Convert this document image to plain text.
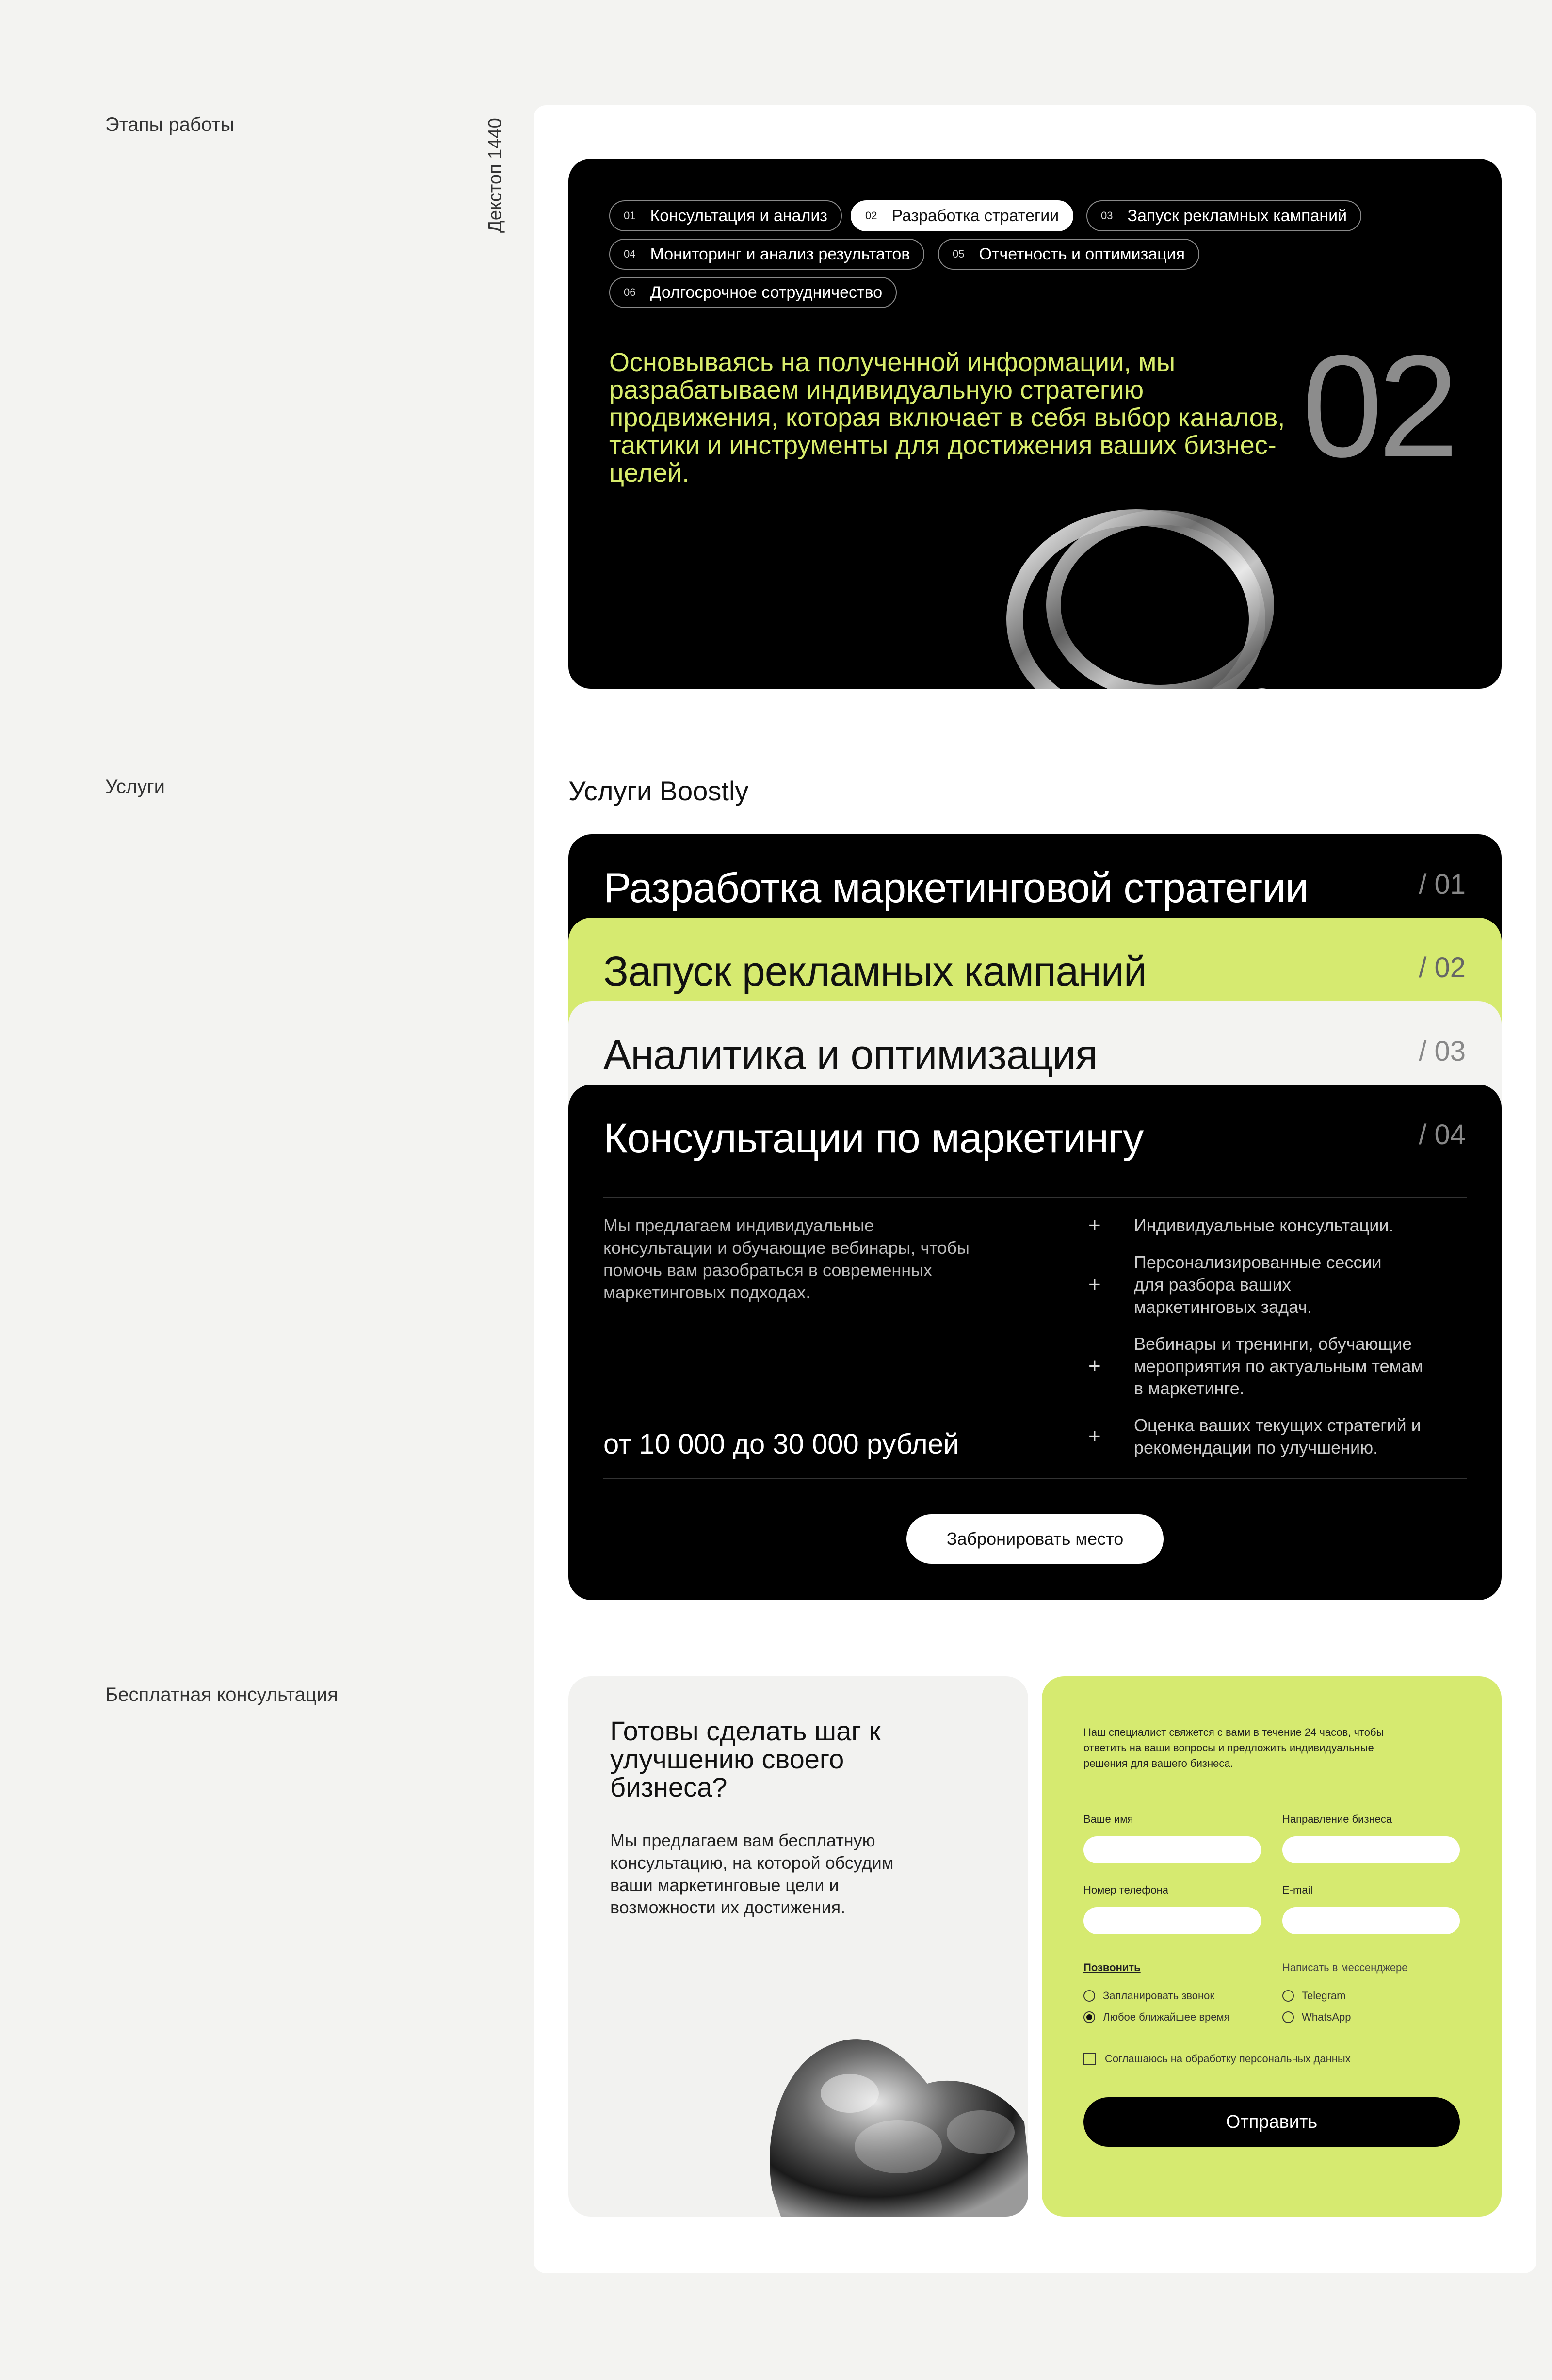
Этапы работы	Декстоп 1440
Услуги
Бесплатная консультация
01 Консультация и анализ	02 Разработка стратегии	03 Запуск рекламных кампаний
04 Мониторинг и анализ результатов	05 Отчетность и оптимизация
06 Долгосрочное сотрудничество
Основываясь на полученной информации, мы разрабатываем индивидуальную стратегию продвижения, которая включает в себя выбор каналов, тактики и инструменты для достижения ваших бизнес-целей.	02
Услуги Boostly
Разработка маркетинговой стратегии	/ 01
Запуск рекламных кампаний	/ 02
Аналитика и оптимизация	/ 03
Консультации по маркетингу	/ 04
Мы предлагаем индивидуальные консультации и обучающие вебинары, чтобы помочь вам разобраться в современных маркетинговых подходах.
от 10 000 до 30 000 рублей
+	Индивидуальные консультации.
+
Персонализированные сессии для разбора ваших маркетинговых задач.
+
Вебинары и тренинги, обучающие мероприятия по актуальным темам в маркетинге.
+	Оценка ваших текущих стратегий и рекомендации по улучшению.
Забронировать место
Готовы сделать шаг к улучшению своего бизнеса?
Мы предлагаем вам бесплатную консультацию, на которой обсудим ваши маркетинговые цели и возможности их достижения.
Наш специалист свяжется с вами в течение 24 часов, чтобы ответить на ваши вопросы и предложить индивидуальные решения для вашего бизнеса.
Ваше имя	Направление бизнеса
Номер телефона	E-mail
Позвонить	Написать в мессенджере
Запланировать звонок
Любое ближайшее время
Telegram
WhatsApp
Соглашаюсь на обработку персональных данных
Отправить
